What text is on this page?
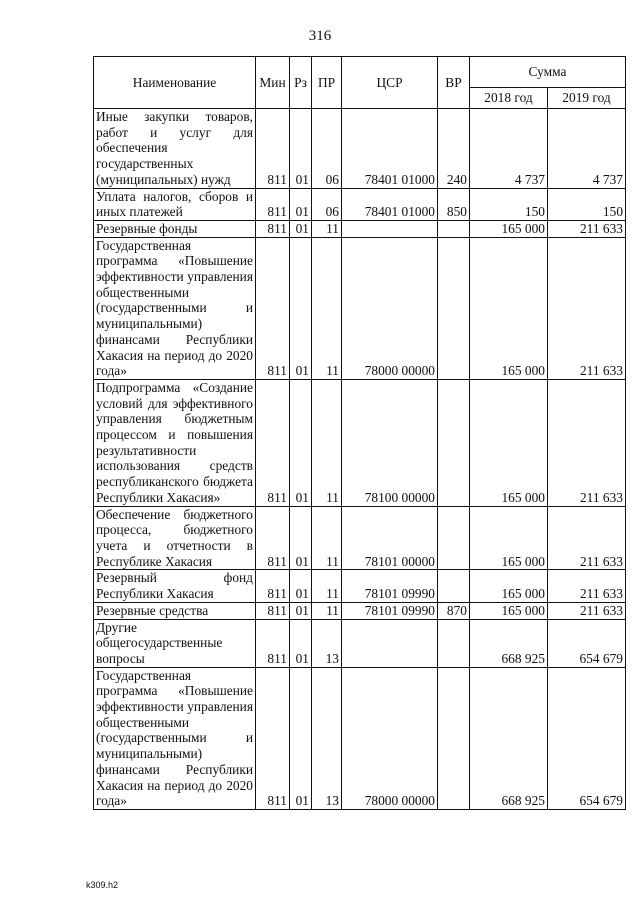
316
Наименование	Мин	Рз	ПР	ЦСР	ВР	Сумма	
						2018 год	2019 год
Иные закупки товаров, работ и услуг для обеспечения государственных (муниципальных) нужд	811	01	06	78401 01000	240	4 737	4 737
Уплата налогов, сборов и иных платежей	811	01	06	78401 01000	850	150	150
Резервные фонды	811	01	11			165 000	211 633
Государственная программа «Повышение эффективности управления общественными (государственными и муниципальными) финансами Республики Хакасия на период до 2020 года»	811	01	11	78000 00000		165 000	211 633
Подпрограмма «Создание условий для эффективного управления бюджетным процессом и повышения результативности использования средств республиканского бюджета Республики Хакасия»	811	01	11	78100 00000		165 000	211 633
Обеспечение бюджетного процесса, бюджетного учета и отчетности в Республике Хакасия	811	01	11	78101 00000		165 000	211 633
Резервный фонд Республики Хакасия	811	01	11	78101 09990		165 000	211 633
Резервные средства	811	01	11	78101 09990	870	165 000	211 633
Другие общегосударственные вопросы	811	01	13			668 925	654 679
Государственная программа «Повышение эффективности управления общественными (государственными и муниципальными) финансами Республики Хакасия на период до 2020 года»	811	01	13	78000 00000		668 925	654 679
k309.h2
